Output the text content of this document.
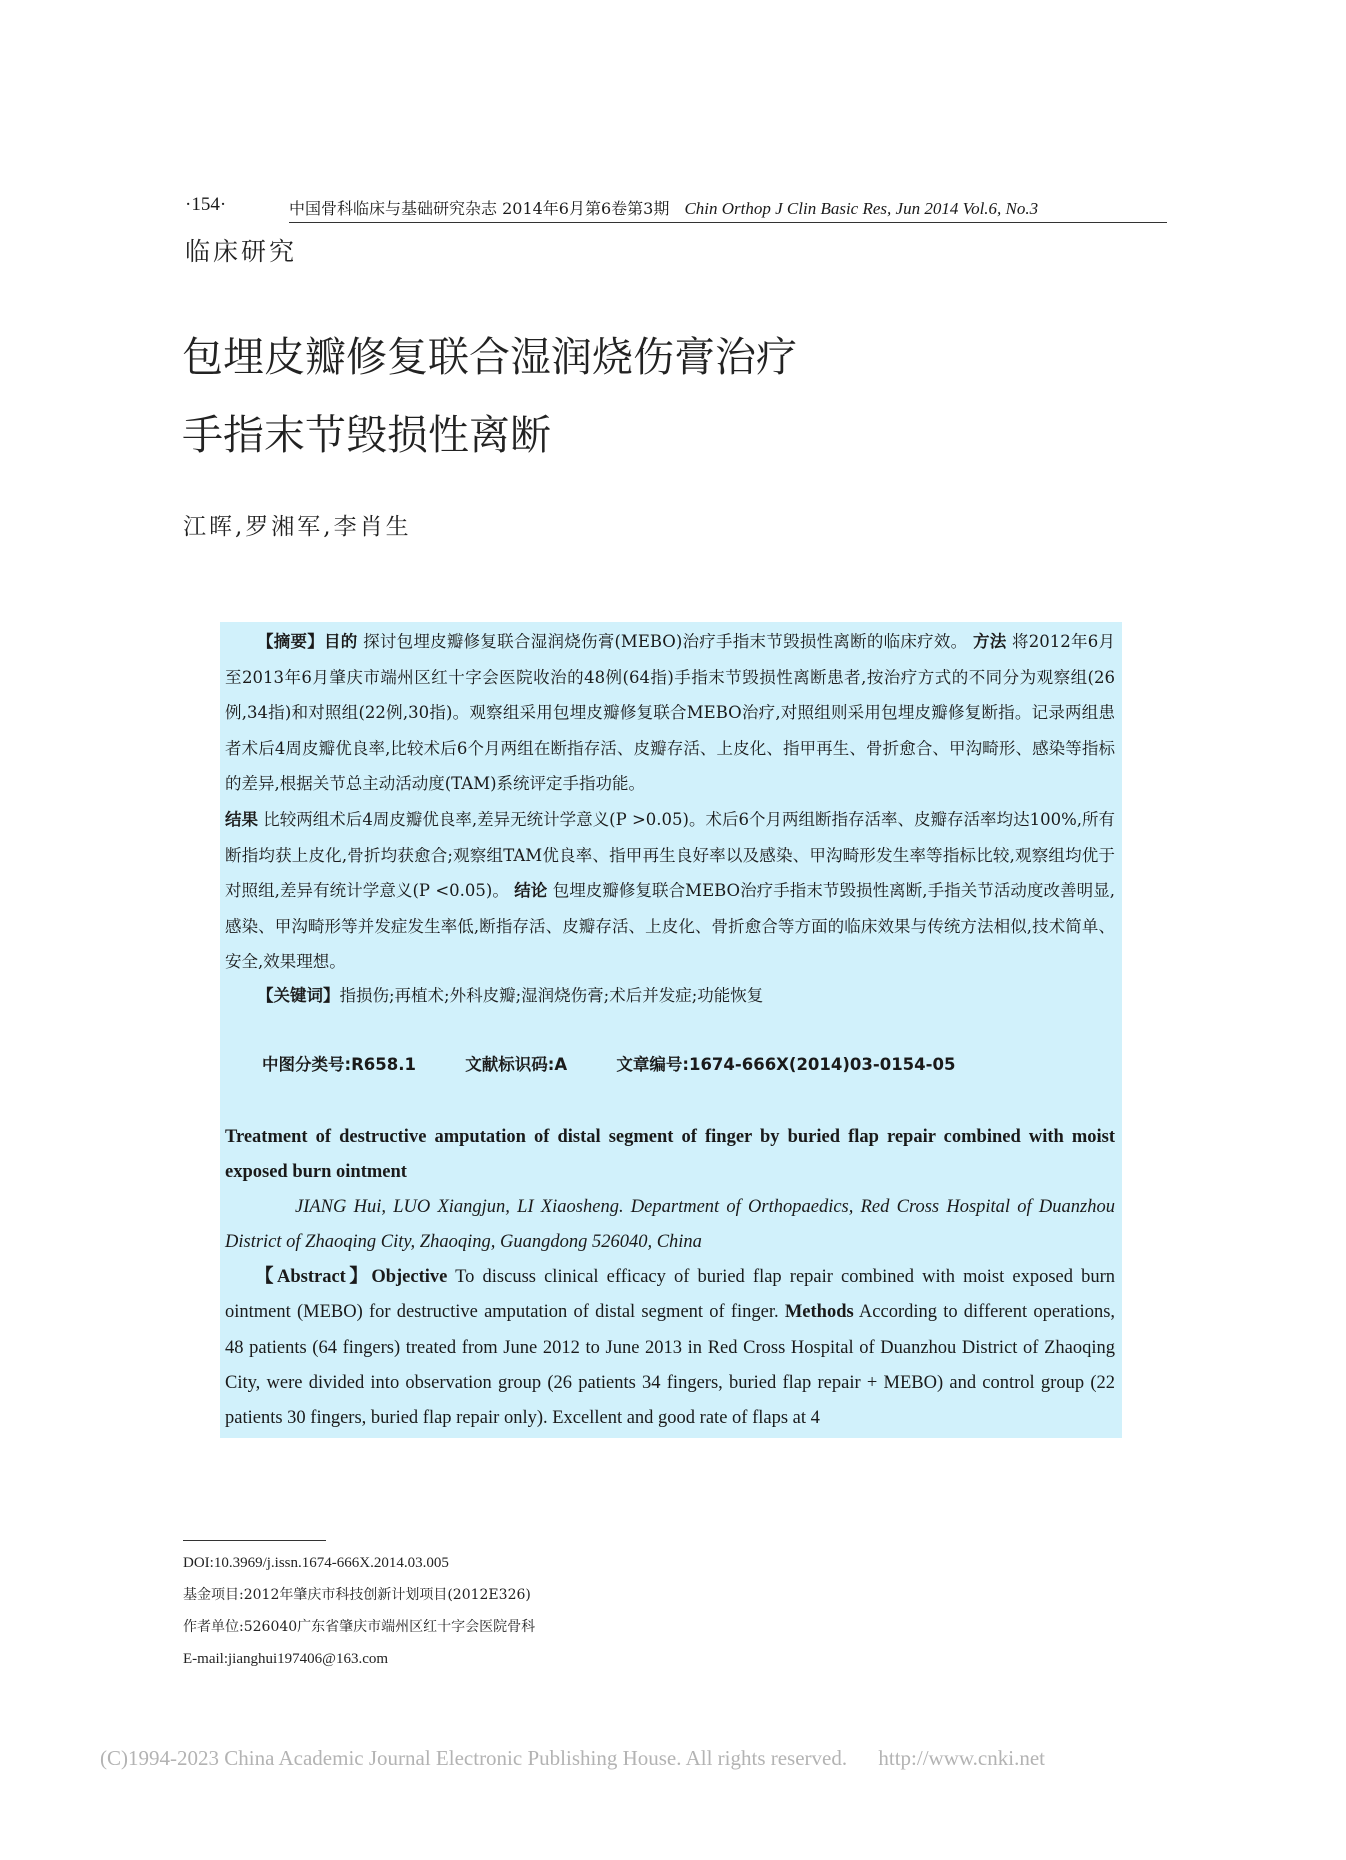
·154·	中国骨科临床与基础研究杂志 2014年6月第6卷第3期 Chin Orthop J Clin Basic Res, Jun 2014 Vol.6, No.3
临床研究
包埋皮瓣修复联合湿润烧伤膏治疗
手指末节毁损性离断
江晖,罗湘军,李肖生

【摘要】目的 探讨包埋皮瓣修复联合湿润烧伤膏(MEBO)治疗手指末节毁损性离断的临床疗效。 方法 将2012年6月至2013年6月肇庆市端州区红十字会医院收治的48例(64指)手指末节毁损性离断患者,按治疗方式的不同分为观察组(26例,34指)和对照组(22例,30指)。观察组采用包埋皮瓣修复联合MEBO治疗,对照组则采用包埋皮瓣修复断指。记录两组患者术后4周皮瓣优良率,比较术后6个月两组在断指存活、皮瓣存活、上皮化、指甲再生、骨折愈合、甲沟畸形、感染等指标的差异,根据关节总主动活动度(TAM)系统评定手指功能。
结果 比较两组术后4周皮瓣优良率,差异无统计学意义(P >0.05)。术后6个月两组断指存活率、皮瓣存活率均达100%,所有断指均获上皮化,骨折均获愈合;观察组TAM优良率、指甲再生良好率以及感染、甲沟畸形发生率等指标比较,观察组均优于对照组,差异有统计学意义(P <0.05)。 结论 包埋皮瓣修复联合MEBO治疗手指末节毁损性离断,手指关节活动度改善明显,感染、甲沟畸形等并发症发生率低,断指存活、皮瓣存活、上皮化、骨折愈合等方面的临床效果与传统方法相似,技术简单、安全,效果理想。

【关键词】指损伤;再植术;外科皮瓣;湿润烧伤膏;术后并发症;功能恢复

中图分类号:R658.1	文献标识码:A	文章编号:1674-666X(2014)03-0154-05

Treatment of destructive amputation of distal segment of finger by buried flap repair combined with moist exposed burn ointment

JIANG Hui, LUO Xiangjun, LI Xiaosheng. Department of Orthopaedics, Red Cross Hospital of Duanzhou District of Zhaoqing City, Zhaoqing, Guangdong 526040, China

【Abstract】Objective To discuss clinical efficacy of buried flap repair combined with moist exposed burn ointment (MEBO) for destructive amputation of distal segment of finger. Methods According to different operations, 48 patients (64 fingers) treated from June 2012 to June 2013 in Red Cross Hospital of Duanzhou District of Zhaoqing City, were divided into observation group (26 patients 34 fingers, buried flap repair + MEBO) and control group (22 patients 30 fingers, buried flap repair only). Excellent and good rate of flaps at 4

DOI:10.3969/j.issn.1674-666X.2014.03.005
基金项目:2012年肇庆市科技创新计划项目(2012E326)
作者单位:526040广东省肇庆市端州区红十字会医院骨科
E-mail:jianghui197406@163.com
(C)1994-2023 China Academic Journal Electronic Publishing House. All rights reserved. http://www.cnki.net
